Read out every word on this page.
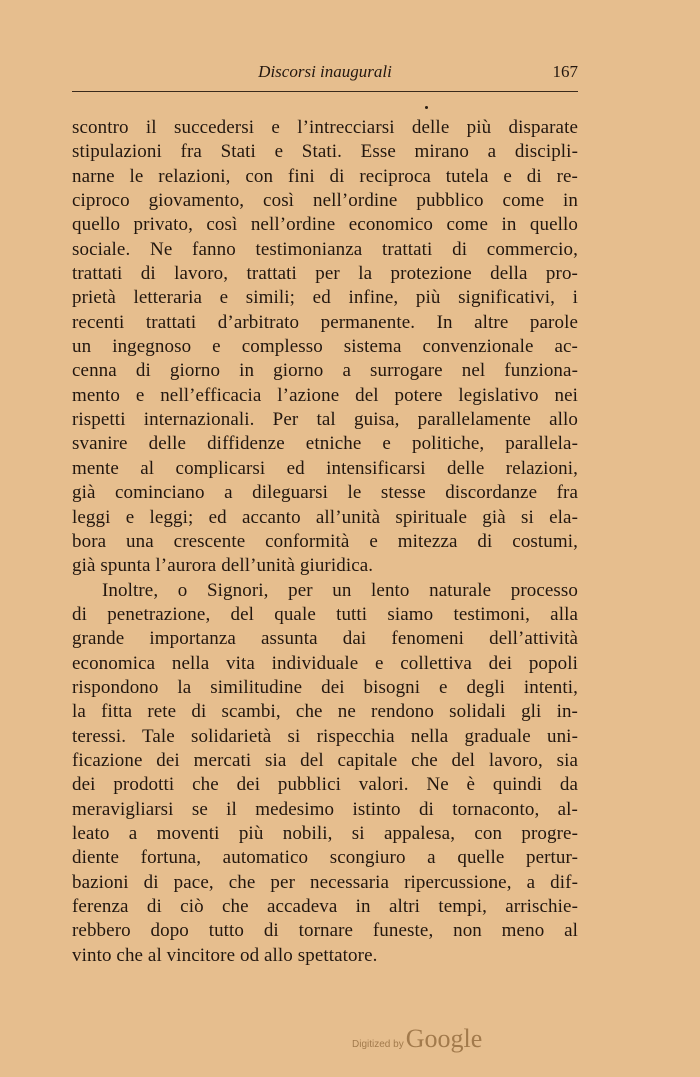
Discorsi inaugurali	167
scontro il succedersi e l’intrecciarsi delle più disparate
stipulazioni fra Stati e Stati. Esse mirano a discipli-
narne le relazioni, con fini di reciproca tutela e di re-
ciproco giovamento, così nell’ordine pubblico come in
quello privato, così nell’ordine economico come in quello
sociale. Ne fanno testimonianza trattati di commercio,
trattati di lavoro, trattati per la protezione della pro-
prietà letteraria e simili; ed infine, più significativi, i
recenti trattati d’arbitrato permanente. In altre parole
un ingegnoso e complesso sistema convenzionale ac-
cenna di giorno in giorno a surrogare nel funziona-
mento e nell’efficacia l’azione del potere legislativo nei
rispetti internazionali. Per tal guisa, parallelamente allo
svanire delle diffidenze etniche e politiche, parallela-
mente al complicarsi ed intensificarsi delle relazioni,
già cominciano a dileguarsi le stesse discordanze fra
leggi e leggi; ed accanto all’unità spirituale già si ela-
bora una crescente conformità e mitezza di costumi,
già spunta l’aurora dell’unità giuridica.
Inoltre, o Signori, per un lento naturale processo
di penetrazione, del quale tutti siamo testimoni, alla
grande importanza assunta dai fenomeni dell’attività
economica nella vita individuale e collettiva dei popoli
rispondono la similitudine dei bisogni e degli intenti,
la fitta rete di scambi, che ne rendono solidali gli in-
teressi. Tale solidarietà si rispecchia nella graduale uni-
ficazione dei mercati sia del capitale che del lavoro, sia
dei prodotti che dei pubblici valori. Ne è quindi da
meravigliarsi se il medesimo istinto di tornaconto, al-
leato a moventi più nobili, si appalesa, con progre-
diente fortuna, automatico scongiuro a quelle pertur-
bazioni di pace, che per necessaria ripercussione, a dif-
ferenza di ciò che accadeva in altri tempi, arrischie-
rebbero dopo tutto di tornare funeste, non meno al
vinto che al vincitore od allo spettatore.
Digitized byGoogle
